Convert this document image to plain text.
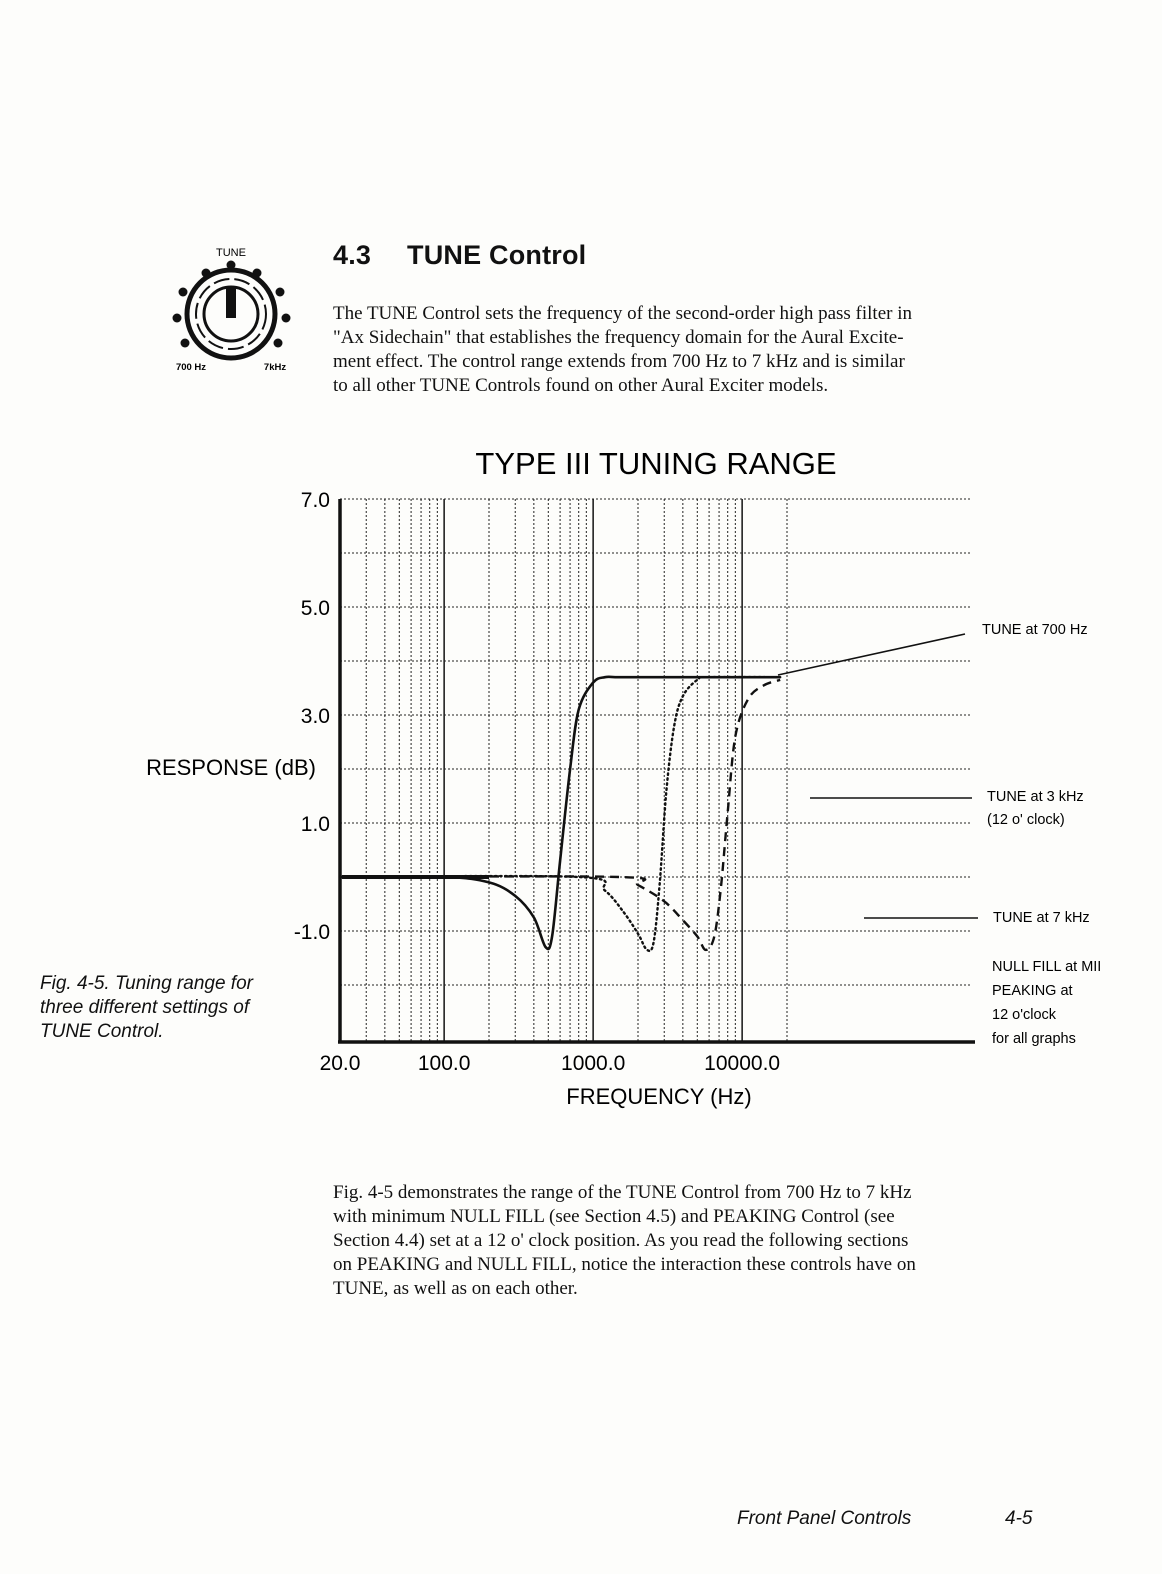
TUNE
700 Hz	7kHz
4.3 TUNE Control
The TUNE Control sets the frequency of the second-order high pass filter in
"Ax Sidechain" that establishes the frequency domain for the Aural Excite-
ment effect. The control range extends from 700 Hz to 7 kHz and is similar
to all other TUNE Controls found on other Aural Exciter models.
Fig. 4-5. Tuning range for
three different settings of
TUNE Control.
TYPE III TUNING RANGE
RESPONSE (dB)
FREQUENCY (Hz)
7.0
5.0
3.0
1.0
-1.0
20.0	100.0	1000.0	10000.0
TUNE at 700 Hz
TUNE at 3 kHz
(12 o' clock)
TUNE at 7 kHz
NULL FILL at MII
PEAKING at
12 o'clock
for all graphs
Fig. 4-5 demonstrates the range of the TUNE Control from 700 Hz to 7 kHz
with minimum NULL FILL (see Section 4.5) and PEAKING Control (see
Section 4.4) set at a 12 o' clock position. As you read the following sections
on PEAKING and NULL FILL, notice the interaction these controls have on
TUNE, as well as on each other.
Front Panel Controls	4-5
